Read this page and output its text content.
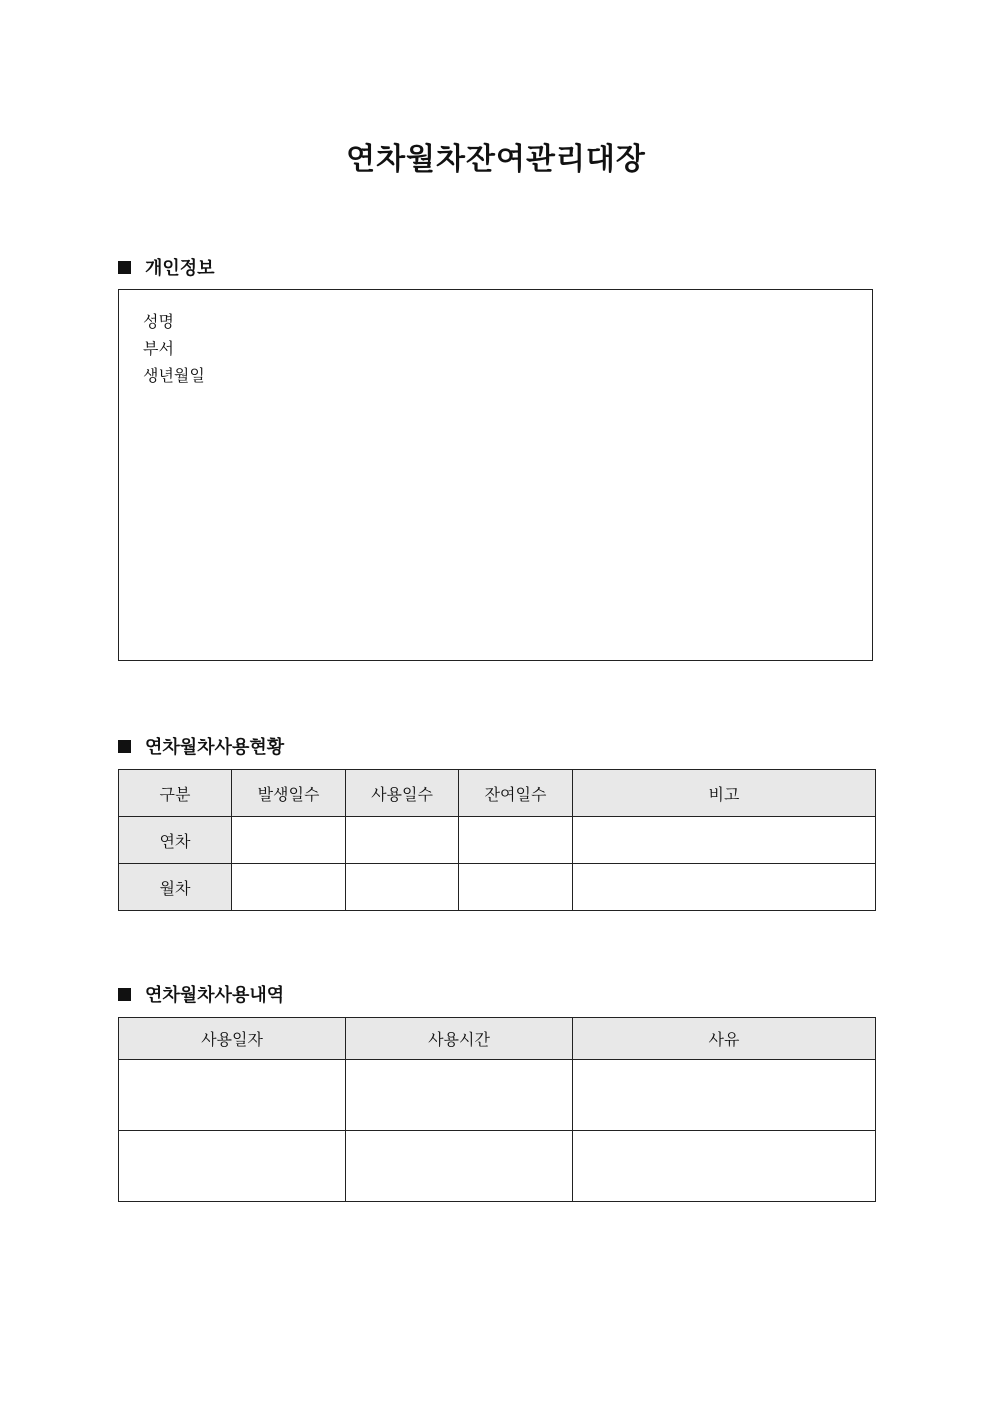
연차월차잔여관리대장
개인정보
성명
부서
생년월일
연차월차사용현황
구분	발생일수	사용일수	잔여일수	비고
연차				
월차				
연차월차사용내역
사용일자	사용시간	사유
